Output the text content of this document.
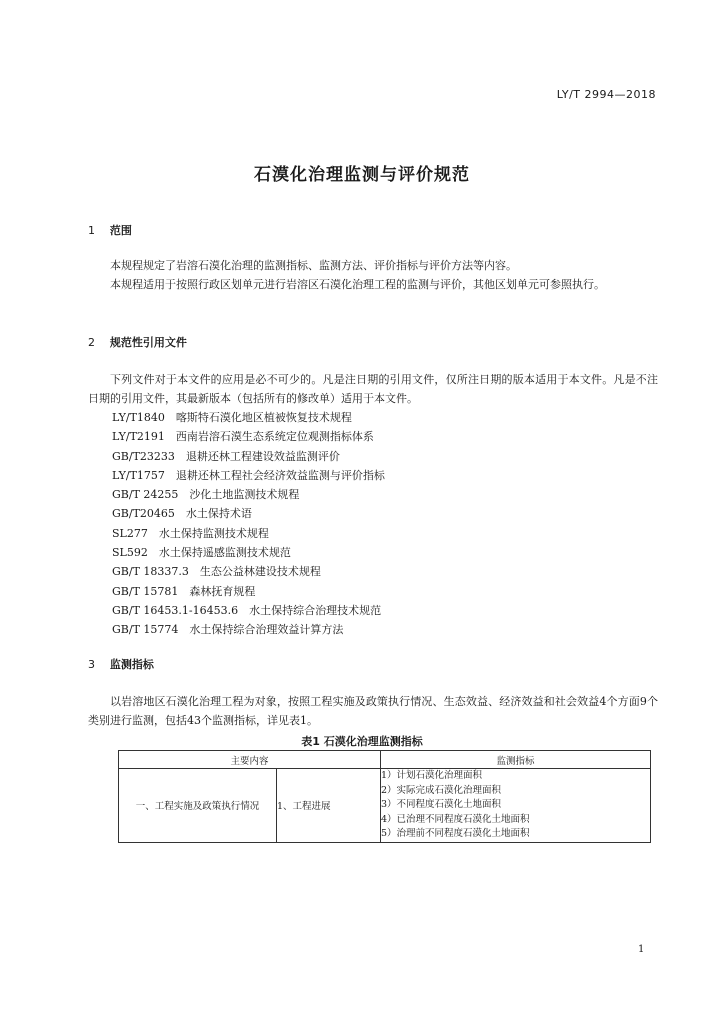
LY/T 2994—2018
石漠化治理监测与评价规范
1 范围
本规程规定了岩溶石漠化治理的监测指标、监测方法、评价指标与评价方法等内容。
本规程适用于按照行政区划单元进行岩溶区石漠化治理工程的监测与评价，其他区划单元可参照执行。
2 规范性引用文件
下列文件对于本文件的应用是必不可少的。凡是注日期的引用文件，仅所注日期的版本适用于本文件。凡是不注日期的引用文件，其最新版本（包括所有的修改单）适用于本文件。
LY/T1840　喀斯特石漠化地区植被恢复技术规程
LY/T2191　西南岩溶石漠生态系统定位观测指标体系
GB/T23233　退耕还林工程建设效益监测评价
LY/T1757　退耕还林工程社会经济效益监测与评价指标
GB/T 24255　沙化土地监测技术规程
GB/T20465　水土保持术语
SL277　水土保持监测技术规程
SL592　水土保持遥感监测技术规范
GB/T 18337.3　生态公益林建设技术规程
GB/T 15781　森林抚育规程
GB/T 16453.1-16453.6　水土保持综合治理技术规范
GB/T 15774　水土保持综合治理效益计算方法
3 监测指标
以岩溶地区石漠化治理工程为对象，按照工程实施及政策执行情况、生态效益、经济效益和社会效益4个方面9个类别进行监测，包括43个监测指标，详见表1。
表1 石漠化治理监测指标
主要内容		监测指标
一、工程实施及政策执行情况	1、工程进展	1）计划石漠化治理面积
2）实际完成石漠化治理面积
3）不同程度石漠化土地面积
4）已治理不同程度石漠化土地面积
5）治理前不同程度石漠化土地面积
1
